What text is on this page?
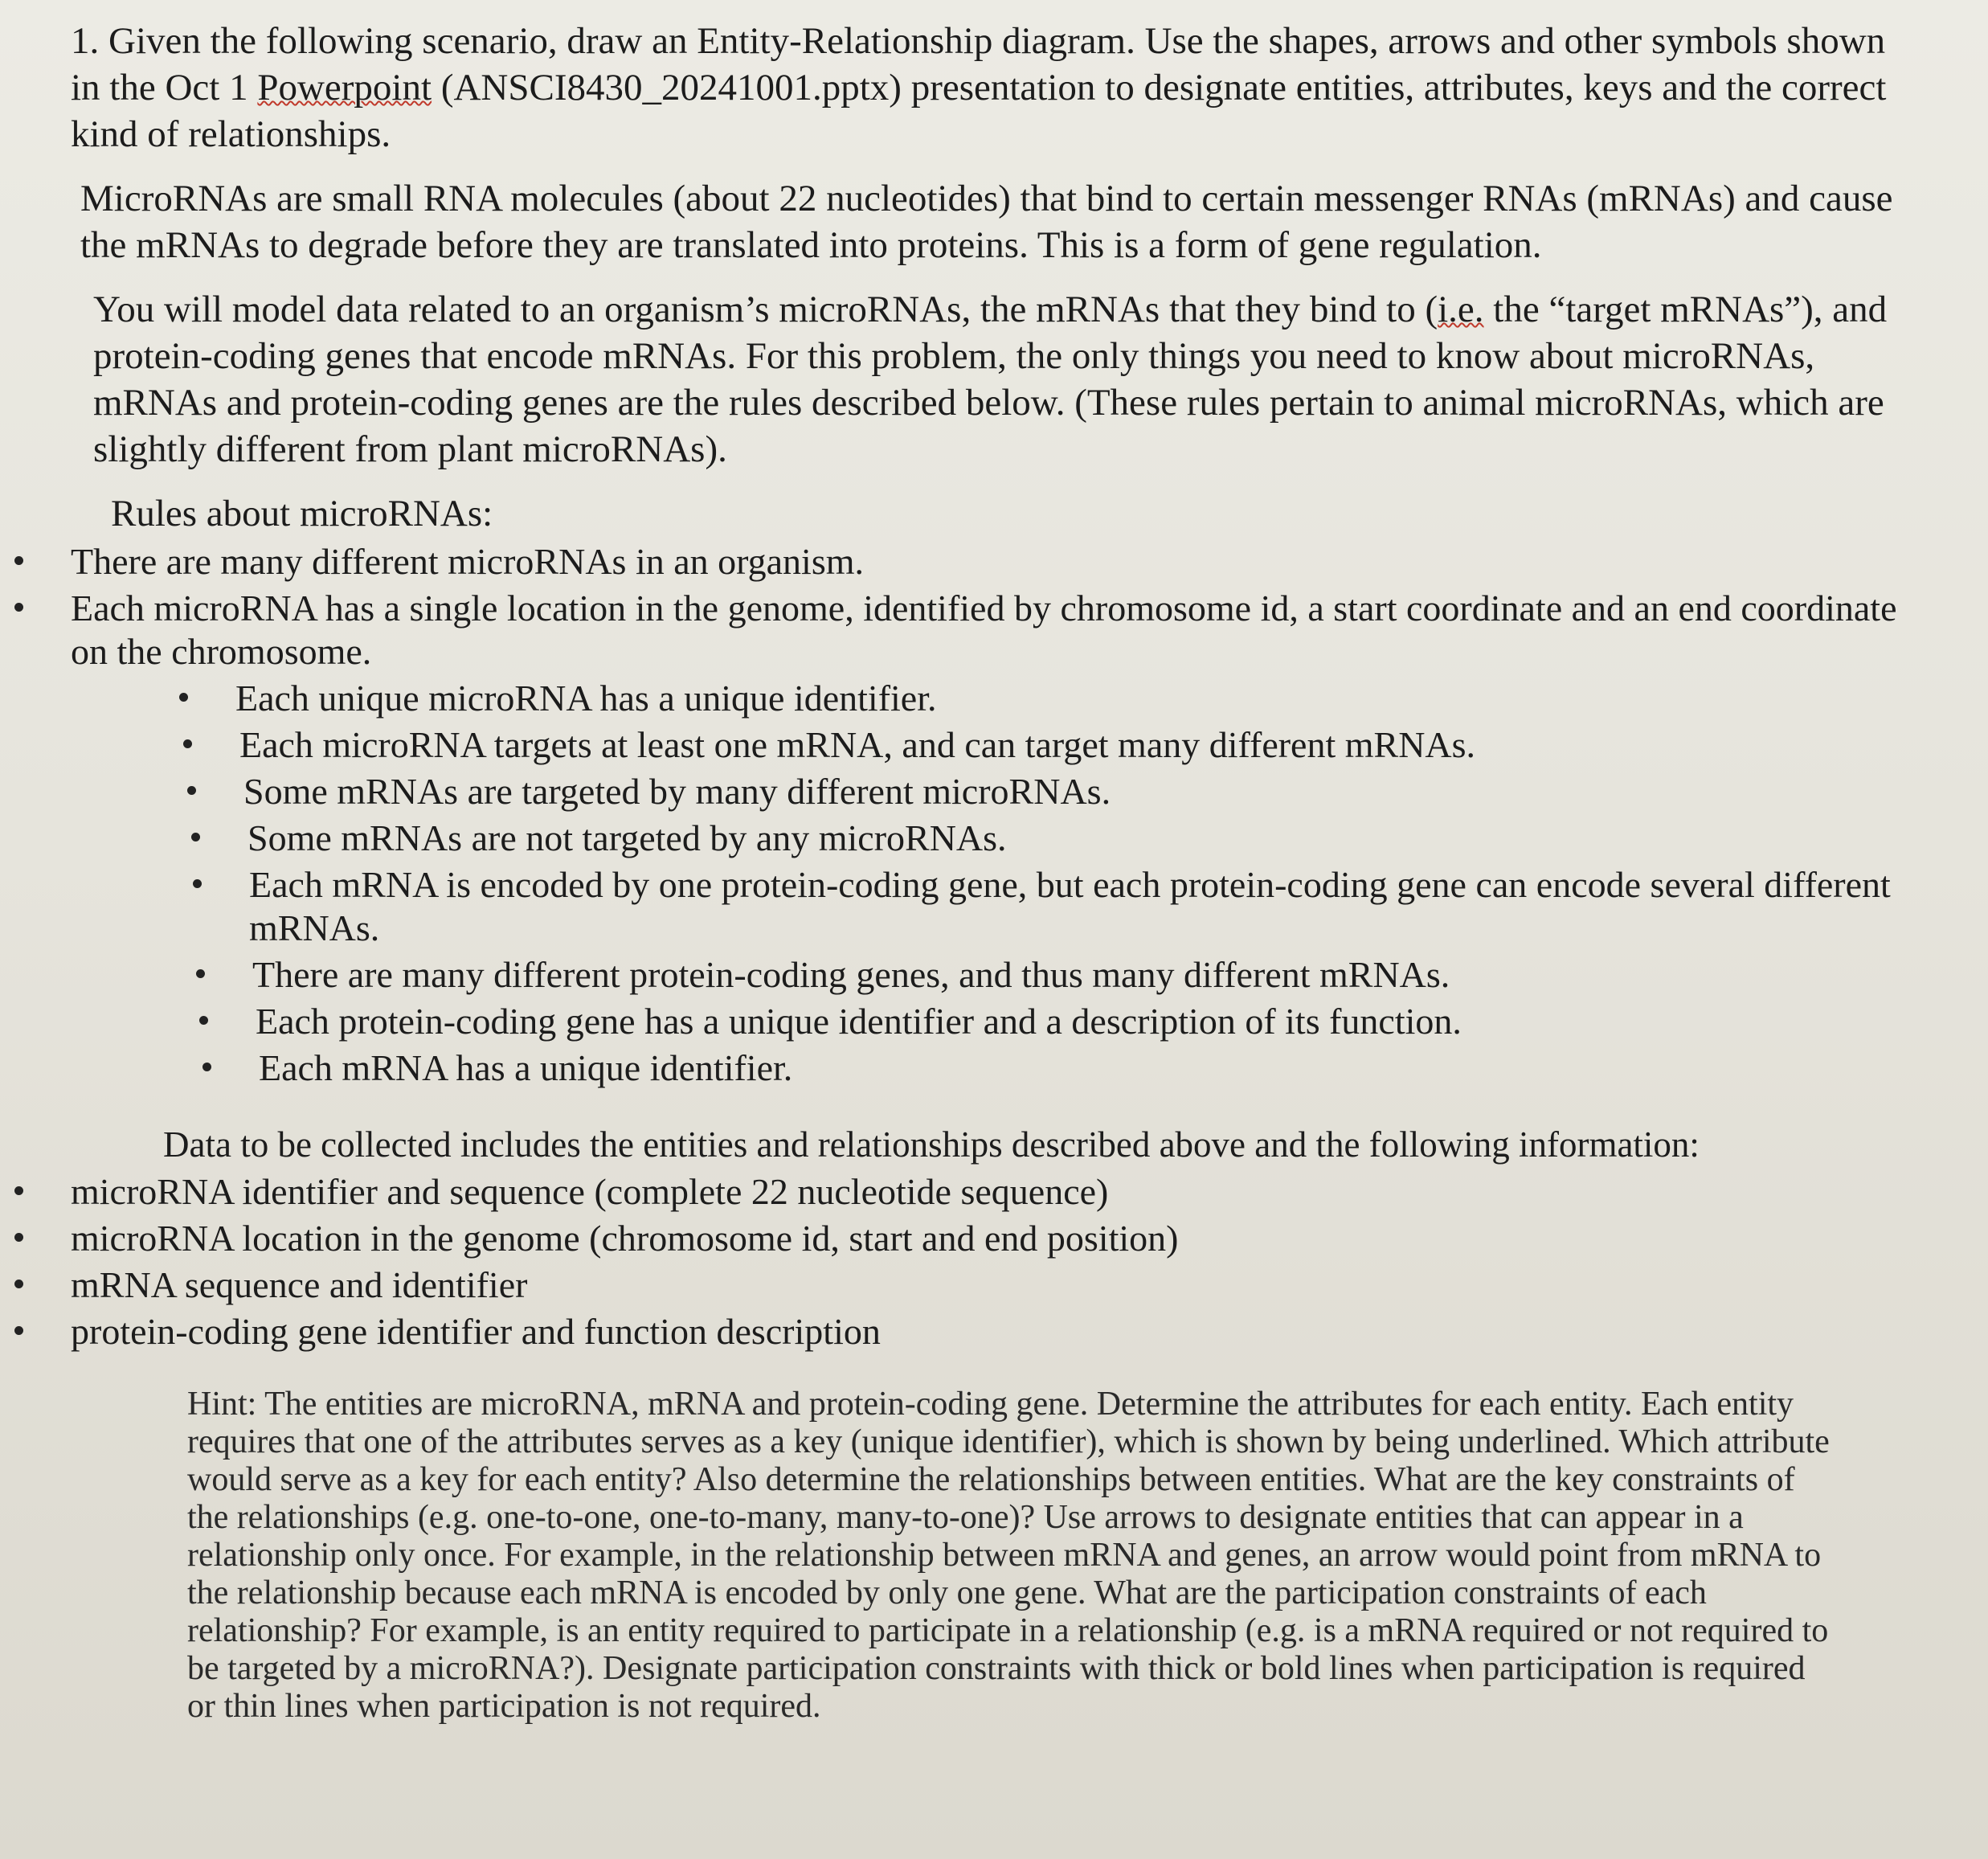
1. Given the following scenario, draw an Entity-Relationship diagram. Use the shapes, arrows and other symbols shown in the Oct 1 Powerpoint (ANSCI8430_20241001.pptx) presentation to designate entities, attributes, keys and the correct kind of relationships.

MicroRNAs are small RNA molecules (about 22 nucleotides) that bind to certain messenger RNAs (mRNAs) and cause the mRNAs to degrade before they are translated into proteins. This is a form of gene regulation.

You will model data related to an organism’s microRNAs, the mRNAs that they bind to (i.e. the “target mRNAs”), and protein-coding genes that encode mRNAs. For this problem, the only things you need to know about microRNAs, mRNAs and protein-coding genes are the rules described below. (These rules pertain to animal microRNAs, which are slightly different from plant microRNAs).

Rules about microRNAs:
There are many different microRNAs in an organism.
Each microRNA has a single location in the genome, identified by chromosome id, a start coordinate and an end coordinate on the chromosome.
Each unique microRNA has a unique identifier.
Each microRNA targets at least one mRNA, and can target many different mRNAs.
Some mRNAs are targeted by many different microRNAs.
Some mRNAs are not targeted by any microRNAs.
Each mRNA is encoded by one protein-coding gene, but each protein-coding gene can encode several different mRNAs.
There are many different protein-coding genes, and thus many different mRNAs.
Each protein-coding gene has a unique identifier and a description of its function.
Each mRNA has a unique identifier.
Data to be collected includes the entities and relationships described above and the following information:
microRNA identifier and sequence (complete 22 nucleotide sequence)
microRNA location in the genome (chromosome id, start and end position)
mRNA sequence and identifier
protein-coding gene identifier and function description

Hint: The entities are microRNA, mRNA and protein-coding gene. Determine the attributes for each entity. Each entity requires that one of the attributes serves as a key (unique identifier), which is shown by being underlined. Which attribute would serve as a key for each entity? Also determine the relationships between entities. What are the key constraints of the relationships (e.g. one-to-one, one-to-many, many-to-one)? Use arrows to designate entities that can appear in a relationship only once. For example, in the relationship between mRNA and genes, an arrow would point from mRNA to the relationship because each mRNA is encoded by only one gene. What are the participation constraints of each relationship? For example, is an entity required to participate in a relationship (e.g. is a mRNA required or not required to be targeted by a microRNA?). Designate participation constraints with thick or bold lines when participation is required or thin lines when participation is not required.
